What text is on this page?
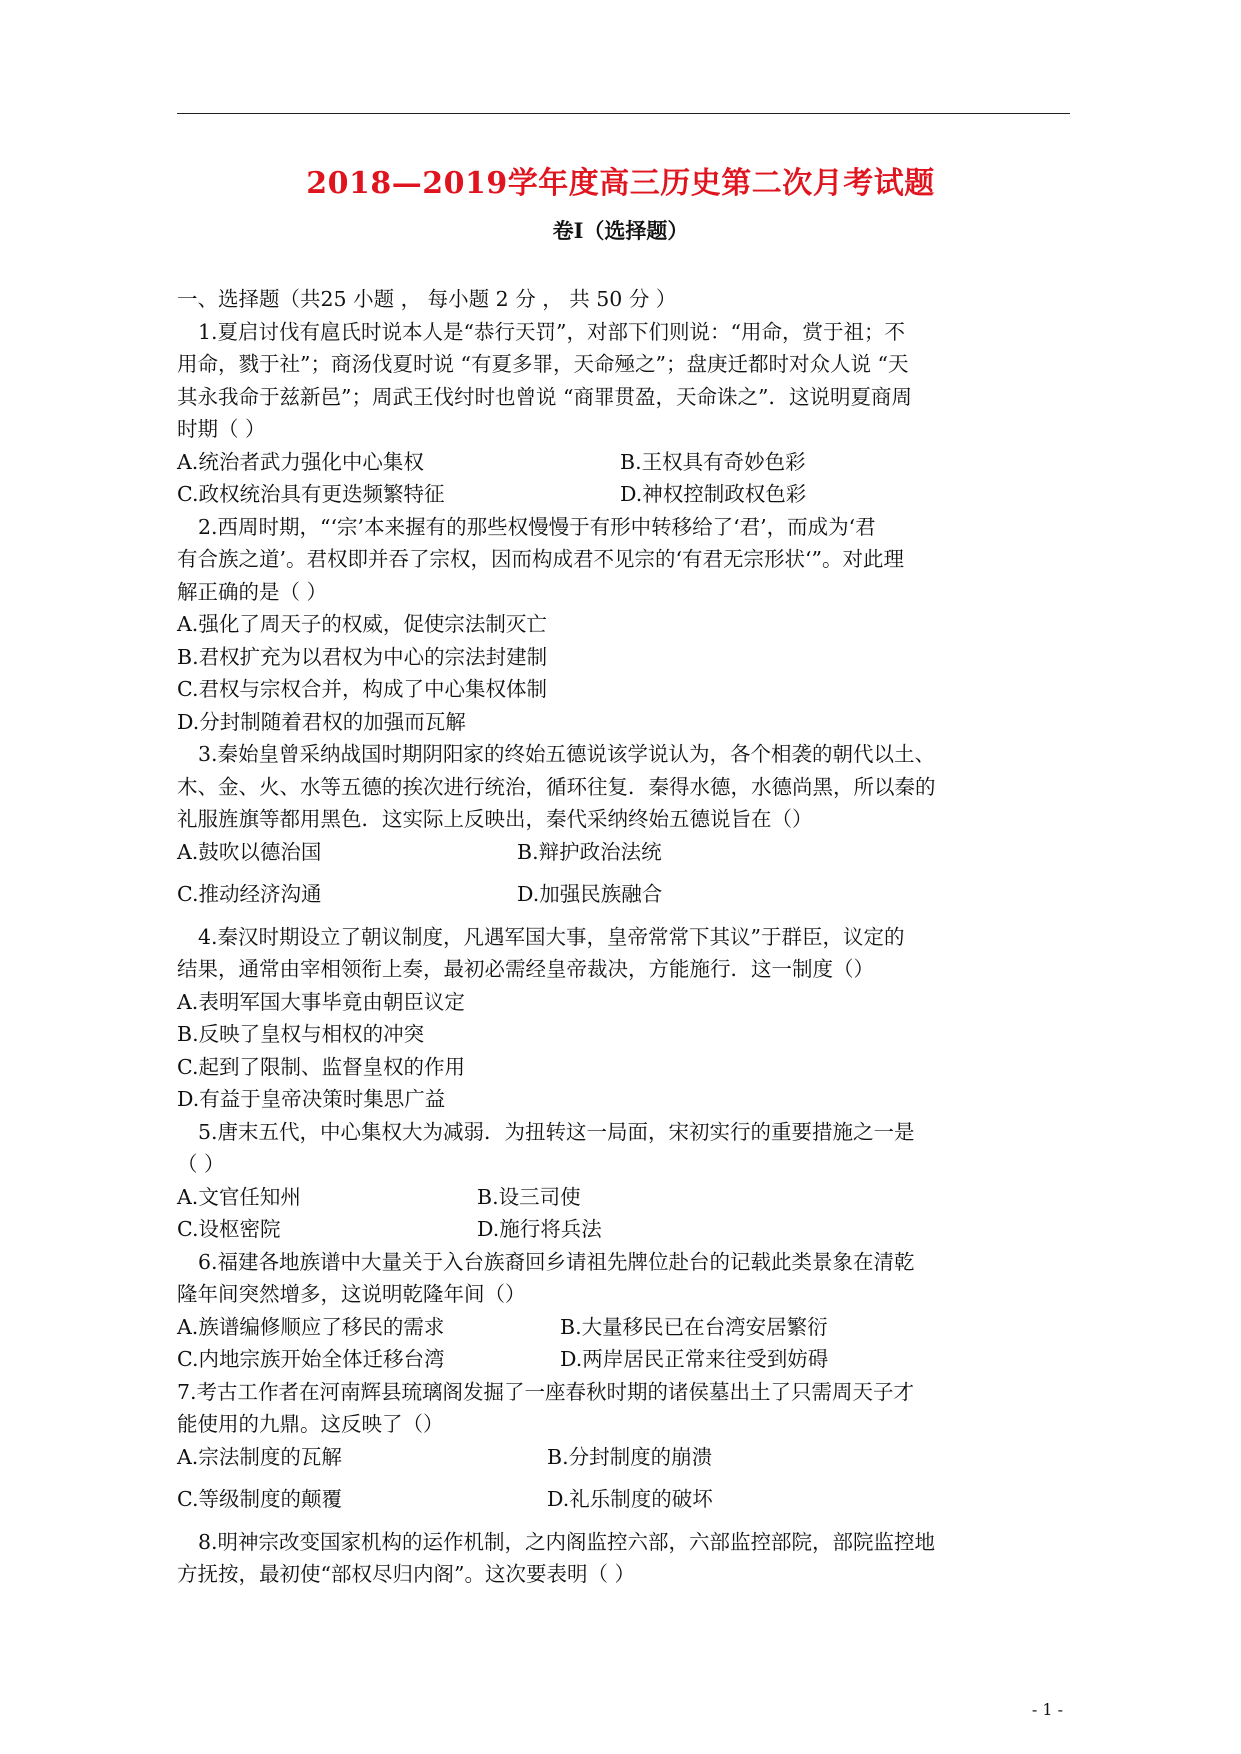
2018—2019学年度高三历史第二次月考试题
卷Ⅰ（选择题）
一、选择题（共25 小题 ， 每小题 2 分 ， 共 50 分 ）
1.夏启讨伐有扈氏时说本人是“恭行天罚”，对部下们则说：“用命，赏于祖；不
用命，戮于社”；商汤伐夏时说 “有夏多罪，天命殛之”；盘庚迁都时对众人说 “天
其永我命于兹新邑”；周武王伐纣时也曾说 “商罪贯盈，天命诛之”．这说明夏商周
时期（ ）
A.统治者武力强化中心集权	B.王权具有奇妙色彩
C.政权统治具有更迭频繁特征	D.神权控制政权色彩
2.西周时期，“‘宗’本来握有的那些权慢慢于有形中转移给了‘君’，而成为‘君
有合族之道’。君权即并吞了宗权，因而构成君不见宗的‘有君无宗形状‘”。对此理
解正确的是（ ）
A.强化了周天子的权威，促使宗法制灭亡
B.君权扩充为以君权为中心的宗法封建制
C.君权与宗权合并，构成了中心集权体制
D.分封制随着君权的加强而瓦解
3.秦始皇曾采纳战国时期阴阳家的终始五德说该学说认为，各个相袭的朝代以土、
木、金、火、水等五德的挨次进行统治，循环往复．秦得水德，水德尚黑，所以秦的
礼服旌旗等都用黑色．这实际上反映出，秦代采纳终始五德说旨在（）
A.鼓吹以德治国	B.辩护政治法统
C.推动经济沟通	D.加强民族融合
4.秦汉时期设立了朝议制度，凡遇军国大事，皇帝常常下其议”于群臣，议定的
结果，通常由宰相领衔上奏，最初必需经皇帝裁决，方能施行．这一制度（）
A.表明军国大事毕竟由朝臣议定
B.反映了皇权与相权的冲突
C.起到了限制、监督皇权的作用
D.有益于皇帝决策时集思广益
5.唐末五代，中心集权大为减弱．为扭转这一局面，宋初实行的重要措施之一是
（ ）
A.文官任知州	B.设三司使
C.设枢密院	D.施行将兵法
6.福建各地族谱中大量关于入台族裔回乡请祖先牌位赴台的记载此类景象在清乾
隆年间突然增多，这说明乾隆年间（）
A.族谱编修顺应了移民的需求	B.大量移民已在台湾安居繁衍
C.内地宗族开始全体迁移台湾	D.两岸居民正常来往受到妨碍
7.考古工作者在河南辉县琉璃阁发掘了一座春秋时期的诸侯墓出土了只需周天子才
能使用的九鼎。这反映了（）
A.宗法制度的瓦解	B.分封制度的崩溃
C.等级制度的颠覆	D.礼乐制度的破坏
8.明神宗改变国家机构的运作机制，之内阁监控六部，六部监控部院，部院监控地
方抚按，最初使“部权尽归内阁”。这次要表明（ ）
- 1 -
